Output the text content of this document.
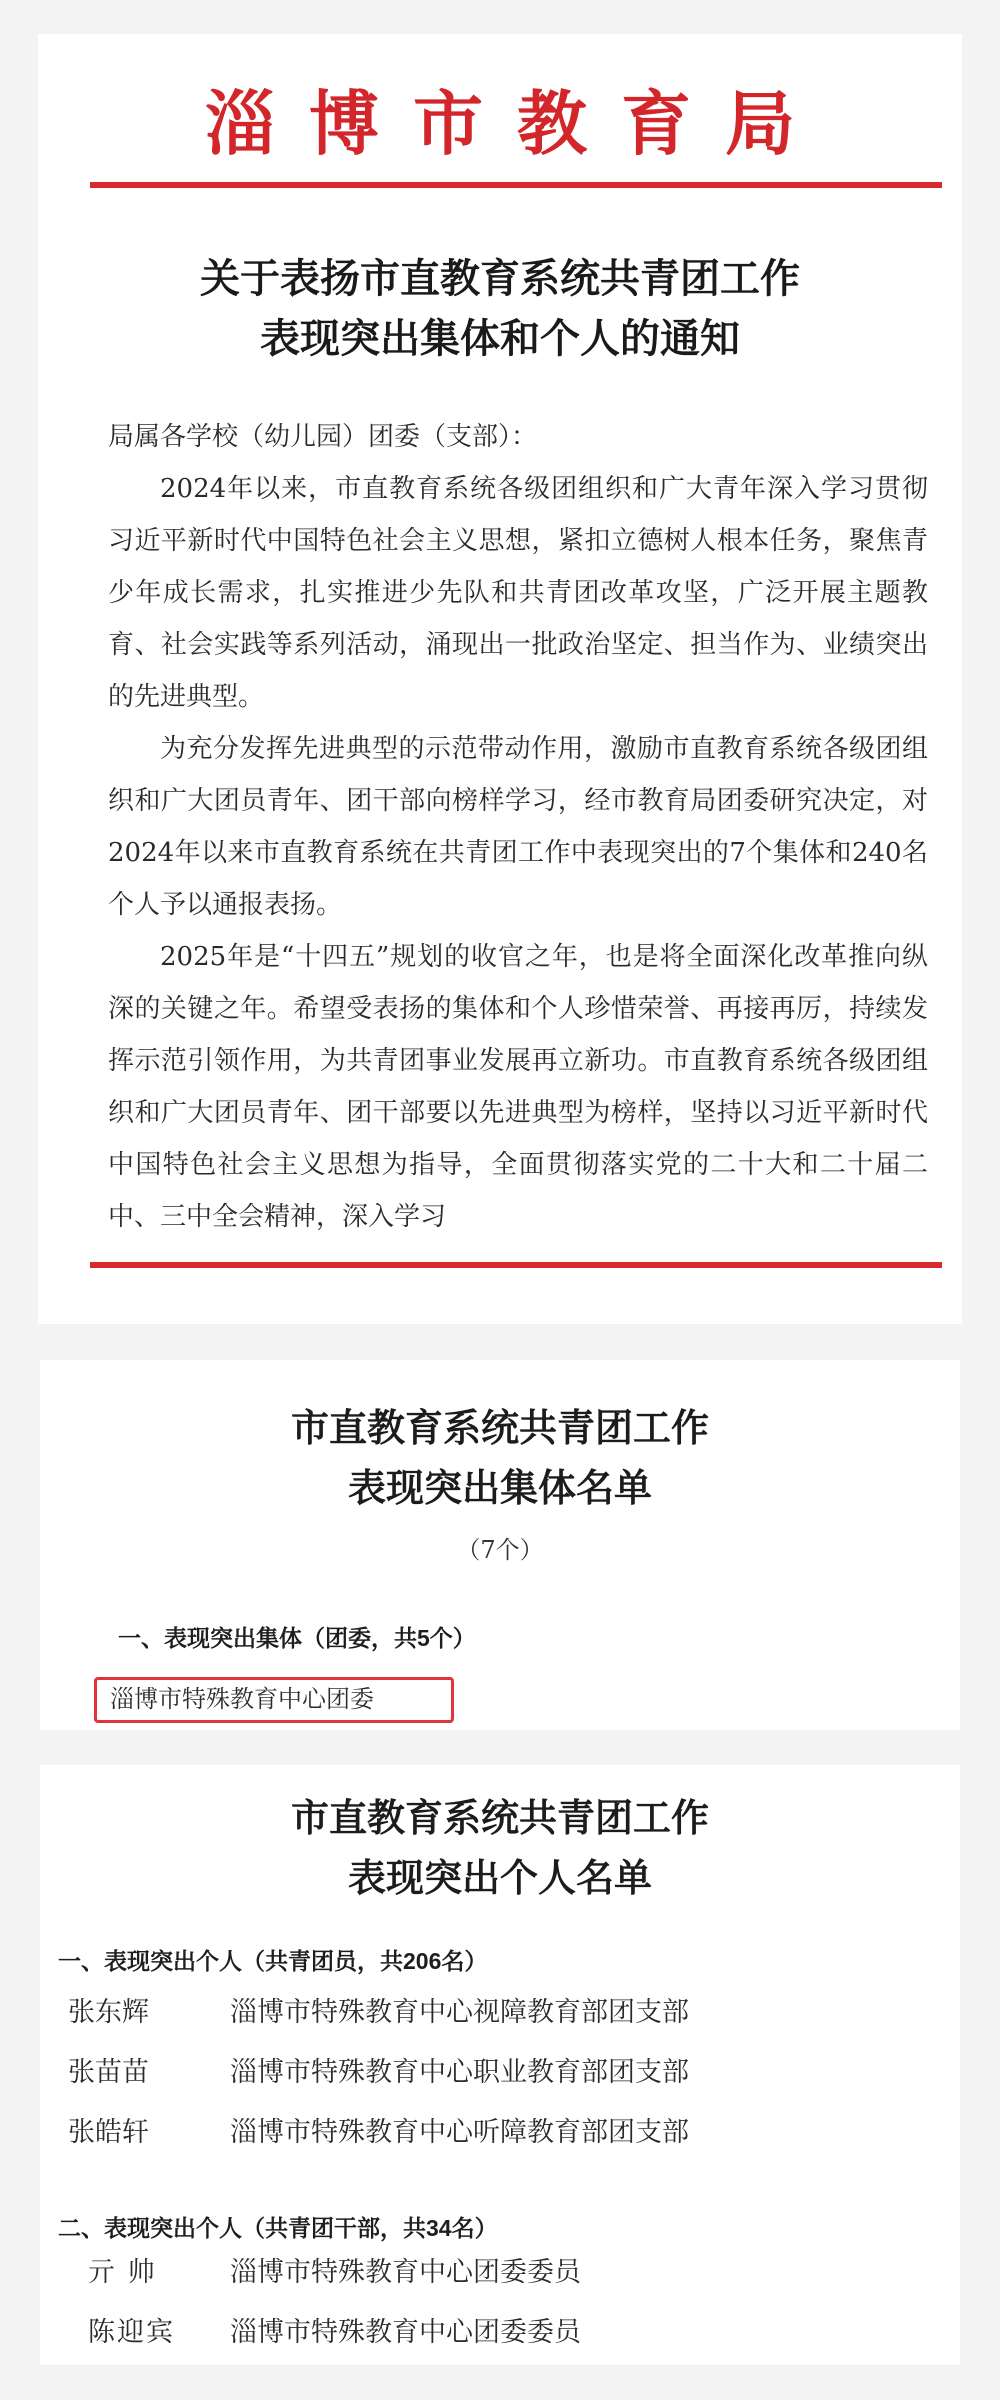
淄博市教育局
关于表扬市直教育系统共青团工作
表现突出集体和个人的通知
局属各学校（幼儿园）团委（支部）：
2024年以来，市直教育系统各级团组织和广大青年深入学习贯彻习近平新时代中国特色社会主义思想，紧扣立德树人根本任务，聚焦青少年成长需求，扎实推进少先队和共青团改革攻坚，广泛开展主题教育、社会实践等系列活动，涌现出一批政治坚定、担当作为、业绩突出的先进典型。
为充分发挥先进典型的示范带动作用，激励市直教育系统各级团组织和广大团员青年、团干部向榜样学习，经市教育局团委研究决定，对2024年以来市直教育系统在共青团工作中表现突出的7个集体和240名个人予以通报表扬。
2025年是“十四五”规划的收官之年，也是将全面深化改革推向纵深的关键之年。希望受表扬的集体和个人珍惜荣誉、再接再厉，持续发挥示范引领作用，为共青团事业发展再立新功。市直教育系统各级团组织和广大团员青年、团干部要以先进典型为榜样，坚持以习近平新时代中国特色社会主义思想为指导，全面贯彻落实党的二十大和二十届二中、三中全会精神，深入学习
市直教育系统共青团工作
表现突出集体名单
（7个）
一、表现突出集体（团委，共5个）
淄博市特殊教育中心团委
市直教育系统共青团工作
表现突出个人名单
一、表现突出个人（共青团员，共206名）
张东辉	淄博市特殊教育中心视障教育部团支部
张苗苗	淄博市特殊教育中心职业教育部团支部
张皓轩	淄博市特殊教育中心听障教育部团支部
二、表现突出个人（共青团干部，共34名）
亓 帅	淄博市特殊教育中心团委委员
陈迎宾	淄博市特殊教育中心团委委员
